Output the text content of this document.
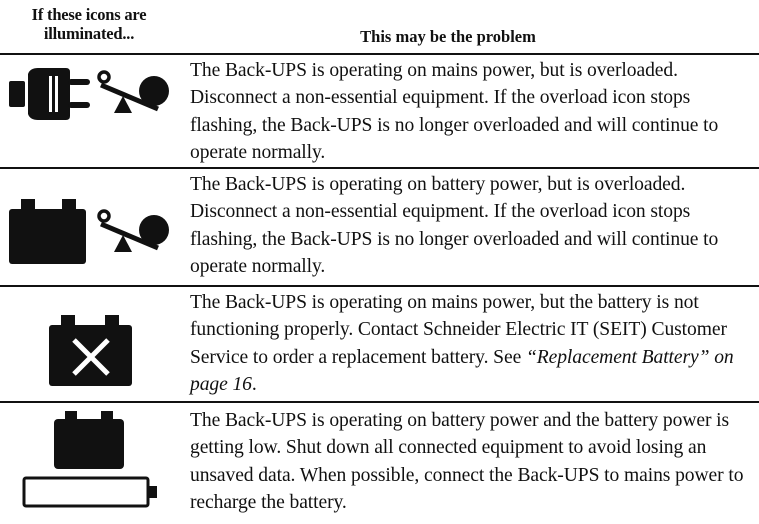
If these icons are
illuminated...	This may be the problem
The Back-UPS is operating on mains power, but is overloaded. Disconnect a non-essential equipment. If the overload icon stops flashing, the Back-UPS is no longer overloaded and will continue to operate normally.
The Back-UPS is operating on battery power, but is overloaded. Disconnect a non-essential equipment. If the overload icon stops flashing, the Back-UPS is no longer overloaded and will continue to operate normally.
The Back-UPS is operating on mains power, but the battery is not functioning properly. Contact Schneider Electric IT (SEIT) Customer Service to order a replacement battery. See “Replacement Battery” on page 16.
The Back-UPS is operating on battery power and the battery power is getting low. Shut down all connected equipment to avoid losing an unsaved data. When possible, connect the Back-UPS to mains power to recharge the battery.
